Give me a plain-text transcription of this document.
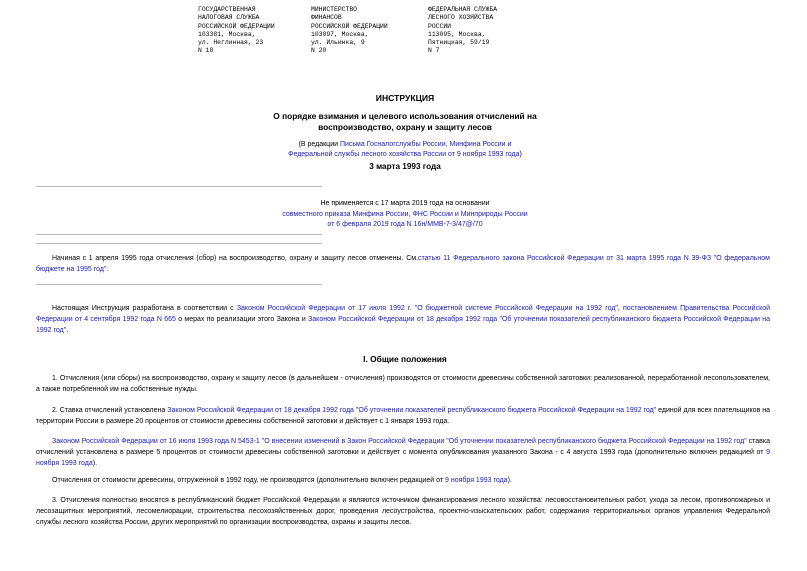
ГОСУДАРСТВЕННАЯ
НАЛОГОВАЯ СЛУЖБА
РОССИЙСКОЙ ФЕДЕРАЦИИ
103381, Москва,
ул. Неглинная, 23
N 18
МИНИСТЕРСТВО
ФИНАНСОВ
РОССИЙСКОЙ ФЕДЕРАЦИИ
103097, Москва,
ул. Ильинка, 9
N 20
ФЕДЕРАЛЬНАЯ СЛУЖБА
ЛЕСНОГО ХОЗЯЙСТВА
РОССИИ
113095, Москва,
Пятницкая, 59/19
N 7
ИНСТРУКЦИЯ
О порядке взимания и целевого использования отчислений на
воспроизводство, охрану и защиту лесов
(В редакции Письма Госналогслужбы России, Минфина России и
Федеральной службы лесного хозяйства России от 9 ноября 1993 года)
3 марта 1993 года
Не применяется с 17 марта 2019 года на основании
совместного приказа Минфина России, ФНС России и Минприроды России
от 6 февраля 2019 года N 16н/ММВ-7-3/47@/70
Начиная с 1 апреля 1995 года отчисления (сбор) на воспроизводство, охрану и защиту лесов отменены. См.статью 11 Федерального закона Российской Федерации от 31 марта 1995 года N 39-ФЗ "О федеральном бюджете на 1995 год".
Настоящая Инструкция разработана в соответствии с Законом Российской Федерации от 17 июля 1992 г. "О бюджетной системе Российской Федерации на 1992 год", постановлением Правительства Российской Федерации от 4 сентября 1992 года N 665 о мерах по реализации этого Закона и Законом Российской Федерации от 18 декабря 1992 года "Об уточнении показателей республиканского бюджета Российской Федерации на 1992 год".
I. Общие положения
1. Отчисления (или сборы) на воспроизводство, охрану и защиту лесов (в дальнейшем - отчисления) производятся от стоимости древесины собственной заготовки: реализованной, переработанной лесопользователем, а также потребленной им на собственные нужды.
2. Ставка отчислений установлена Законом Российской Федерации от 18 декабря 1992 года "Об уточнении показателей республиканского бюджета Российской Федерации на 1992 год" единой для всех плательщиков на территории России в размере 20 процентов от стоимости древесины собственной заготовки и действует с 1 января 1993 года.
Законом Российской Федерации от 16 июля 1993 года N 5453-1 "О внесении изменений в Закон Российской Федерации "Об уточнении показателей республиканского бюджета Российской Федерации на 1992 год" ставка отчислений установлена в размере 5 процентов от стоимости древесины собственной заготовки и действует с момента опубликования указанного Закона - с 4 августа 1993 года (дополнительно включен редакцией от 9 ноября 1993 года).
Отчисления от стоимости древесины, отгруженной в 1992 году, не производятся (дополнительно включен редакцией от 9 ноября 1993 года).
3. Отчисления полностью вносятся в республиканский бюджет Российской Федерации и являются источником финансирования лесного хозяйства: лесовосстановительных работ, ухода за лесом, противопожарных и лесозащитных мероприятий, лесомелиорации, строительства лесохозяйственных дорог, проведения лесоустройства, проектно-изыскательских работ, содержания территориальных органов управления Федеральной службы лесного хозяйства России, других мероприятий по организации воспроизводства, охраны и защиты лесов.
